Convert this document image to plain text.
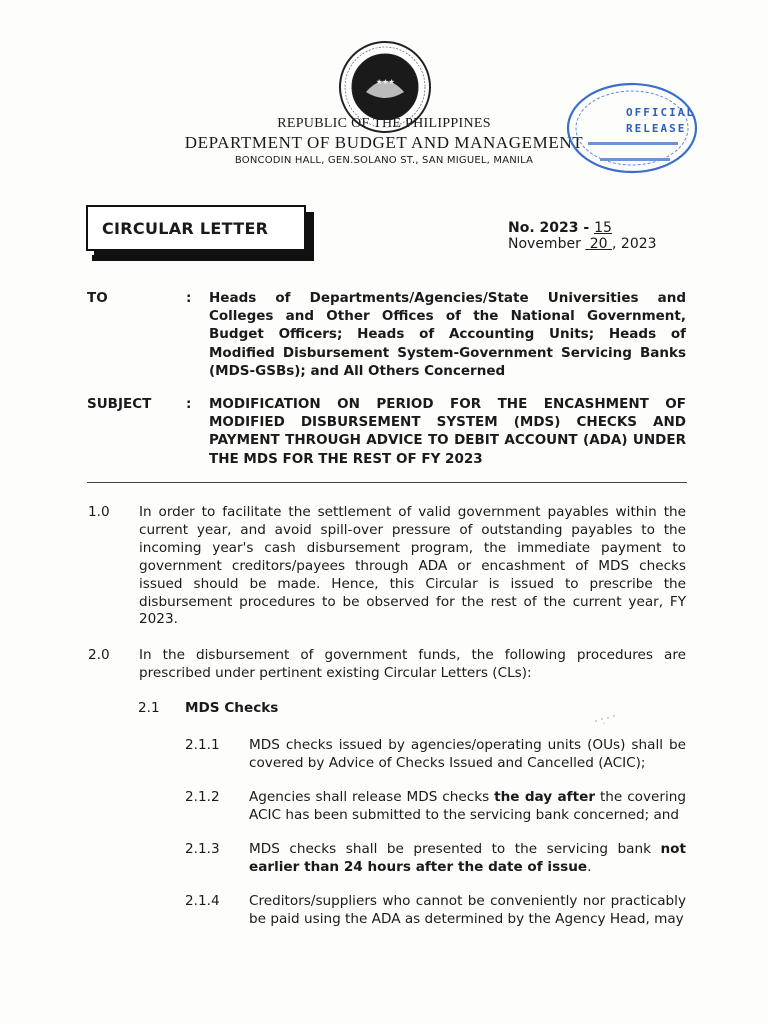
★★★
REPUBLIC OF THE PHILIPPINES
DEPARTMENT OF BUDGET AND MANAGEMENT
BONCODIN HALL, GEN.SOLANO ST., SAN MIGUEL, MANILA
OFFICIAL
RELEASE
CIRCULAR LETTER	No. 2023 - 15
November 20 , 2023
TO	: Heads of Departments/Agencies/State Universities and Colleges and Other Offices of the National Government, Budget Officers; Heads of Accounting Units; Heads of Modified Disbursement System-Government Servicing Banks (MDS-GSBs); and All Others Concerned
SUBJECT	: MODIFICATION ON PERIOD FOR THE ENCASHMENT OF MODIFIED DISBURSEMENT SYSTEM (MDS) CHECKS AND PAYMENT THROUGH ADVICE TO DEBIT ACCOUNT (ADA) UNDER THE MDS FOR THE REST OF FY 2023
1.0 In order to facilitate the settlement of valid government payables within the current year, and avoid spill-over pressure of outstanding payables to the incoming year's cash disbursement program, the immediate payment to government creditors/payees through ADA or encashment of MDS checks issued should be made. Hence, this Circular is issued to prescribe the disbursement procedures to be observed for the rest of the current year, FY 2023.
2.0 In the disbursement of government funds, the following procedures are prescribed under pertinent existing Circular Letters (CLs):
2.1 MDS Checks
2.1.1 MDS checks issued by agencies/operating units (OUs) shall be covered by Advice of Checks Issued and Cancelled (ACIC);
2.1.2 Agencies shall release MDS checks the day after the covering ACIC has been submitted to the servicing bank concerned; and
2.1.3 MDS checks shall be presented to the servicing bank not earlier than 24 hours after the date of issue.
2.1.4 Creditors/suppliers who cannot be conveniently nor practicably be paid using the ADA as determined by the Agency Head, may
